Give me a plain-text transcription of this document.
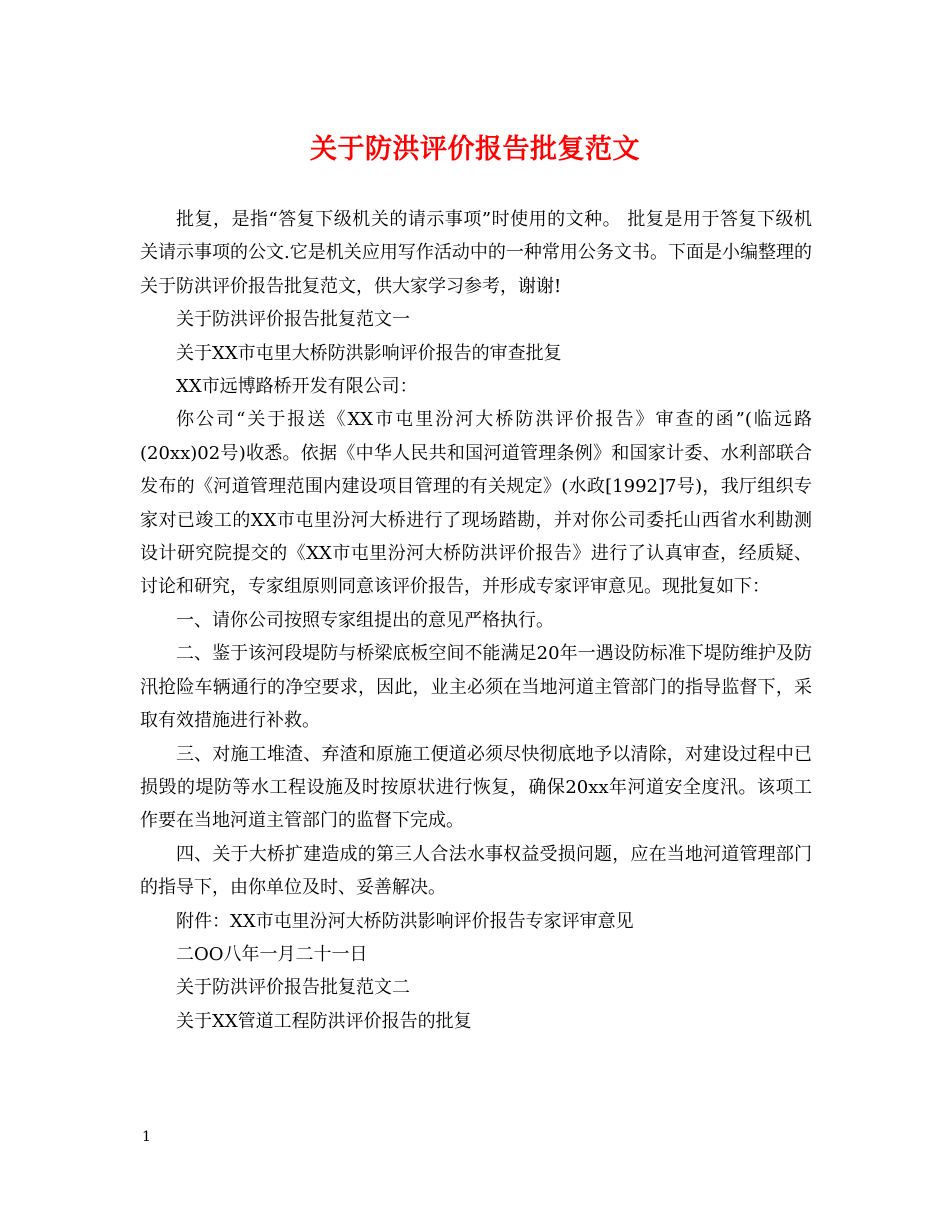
关于防洪评价报告批复范文

批复，是指“答复下级机关的请示事项”时使用的文种。 批复是用于答复下级机关请示事项的公文.它是机关应用写作活动中的一种常用公务文书。下面是小编整理的关于防洪评价报告批复范文，供大家学习参考，谢谢!

关于防洪评价报告批复范文一

关于XX市屯里大桥防洪影响评价报告的审查批复

XX市远博路桥开发有限公司：

你公司“关于报送《XX市屯里汾河大桥防洪评价报告》审查的函”(临远路(20xx)02号)收悉。依据《中华人民共和国河道管理条例》和国家计委、水利部联合发布的《河道管理范围内建设项目管理的有关规定》(水政[1992]7号)，我厅组织专家对已竣工的XX市屯里汾河大桥进行了现场踏勘，并对你公司委托山西省水利勘测设计研究院提交的《XX市屯里汾河大桥防洪评价报告》进行了认真审查，经质疑、讨论和研究，专家组原则同意该评价报告，并形成专家评审意见。现批复如下：

一、请你公司按照专家组提出的意见严格执行。

二、鉴于该河段堤防与桥梁底板空间不能满足20年一遇设防标准下堤防维护及防汛抢险车辆通行的净空要求，因此，业主必须在当地河道主管部门的指导监督下，采取有效措施进行补救。

三、对施工堆渣、弃渣和原施工便道必须尽快彻底地予以清除，对建设过程中已损毁的堤防等水工程设施及时按原状进行恢复，确保20xx年河道安全度汛。该项工作要在当地河道主管部门的监督下完成。

四、关于大桥扩建造成的第三人合法水事权益受损问题，应在当地河道管理部门的指导下，由你单位及时、妥善解决。

附件：XX市屯里汾河大桥防洪影响评价报告专家评审意见

二OO八年一月二十一日

关于防洪评价报告批复范文二

关于XX管道工程防洪评价报告的批复

1
